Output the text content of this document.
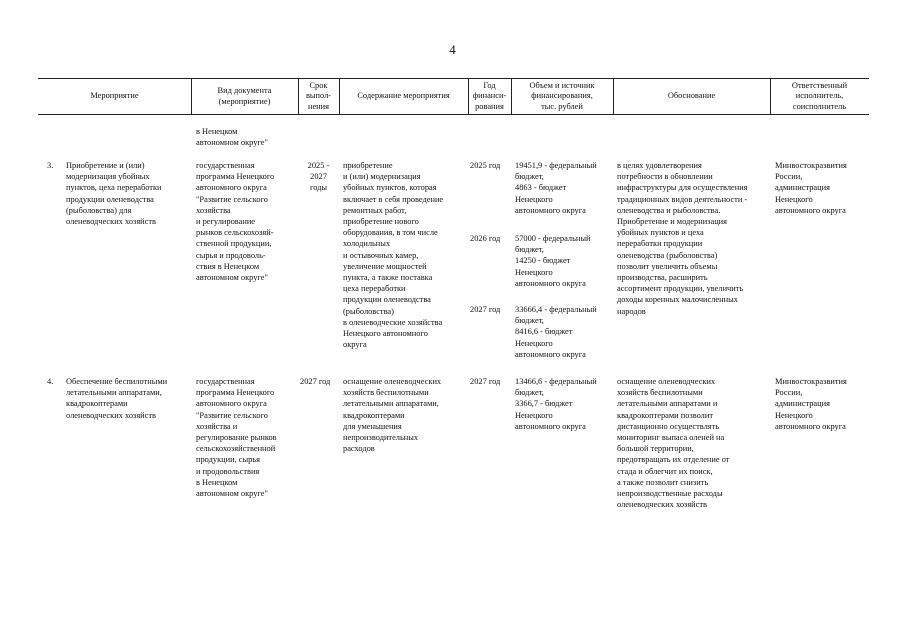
4
Мероприятие
Вид документа
(мероприятие)
Срок
выпол-
нения
Содержание мероприятия
Год
финанси-
рования
Объем и источник
финансирования,
тыс. рублей
Обоснование
Ответственный
исполнитель,
соисполнитель
в Ненецком
автономном округе"
3. Приобретение и (или)
модернизация убойных
пунктов, цеха переработки
продукции оленеводства
(рыболовства) для
оленеводческих хозяйств
государственная
программа Ненецкого
автономного округа
"Развитие сельского
хозяйства
и регулирование
рынков сельскохозяй-
ственной продукции,
сырья и продоволь-
ствия в Ненецком
автономном округе"
2025 -
2027
годы
приобретение
и (или) модернизация
убойных пунктов, которая
включает в себя проведение
ремонтных работ,
приобретение нового
оборудования, в том числе
холодильных
и остывочных камер,
увеличение мощностей
пункта, а также поставка
цеха переработки
продукции оленеводства
(рыболовства)
в оленеводческие хозяйства
Ненецкого автономного
округа
2025 год 19451,9 - федеральный
бюджет,
4863 - бюджет
Ненецкого
автономного округа
2026 год 57000 - федеральный
бюджет,
14250 - бюджет
Ненецкого
автономного округа
2027 год 33666,4 - федеральный
бюджет,
8416,6 - бюджет
Ненецкого
автономного округа
в целях удовлетворения
потребности в обновлении
инфраструктуры для осуществления
традиционных видов деятельности -
оленеводства и рыболовства.
Приобретение и модернизация
убойных пунктов и цеха
переработки продукции
оленеводства (рыболовства)
позволит увеличить объемы
производства, расширить
ассортимент продукции, увеличить
доходы коренных малочисленных
народов
Минвостокразвития
России,
администрация
Ненецкого
автономного округа
4. Обеспечение беспилотными
летательными аппаратами,
квадрокоптерами
оленеводческих хозяйств
государственная
программа Ненецкого
автономного округа
"Развитие сельского
хозяйства и
регулирование рынков
сельскохозяйственной
продукции, сырья
и продовольствия
в Ненецком
автономном округе"
2027 год оснащение оленеводческих
хозяйств беспилотными
летательными аппаратами,
квадрокоптерами
для уменьшения
непроизводительных
расходов
2027 год 13466,6 - федеральный
бюджет,
3366,7 - бюджет
Ненецкого
автономного округа
оснащение оленеводческих
хозяйств беспилотными
летательными аппаратами и
квадрокоптерами позволит
дистанционно осуществлять
мониторинг выпаса оленей на
большой территории,
предотвращать их отделение от
стада и облегчит их поиск,
а также позволит снизить
непроизводственные расходы
оленеводческих хозяйств
Минвостокразвития
России,
администрация
Ненецкого
автономного округа
